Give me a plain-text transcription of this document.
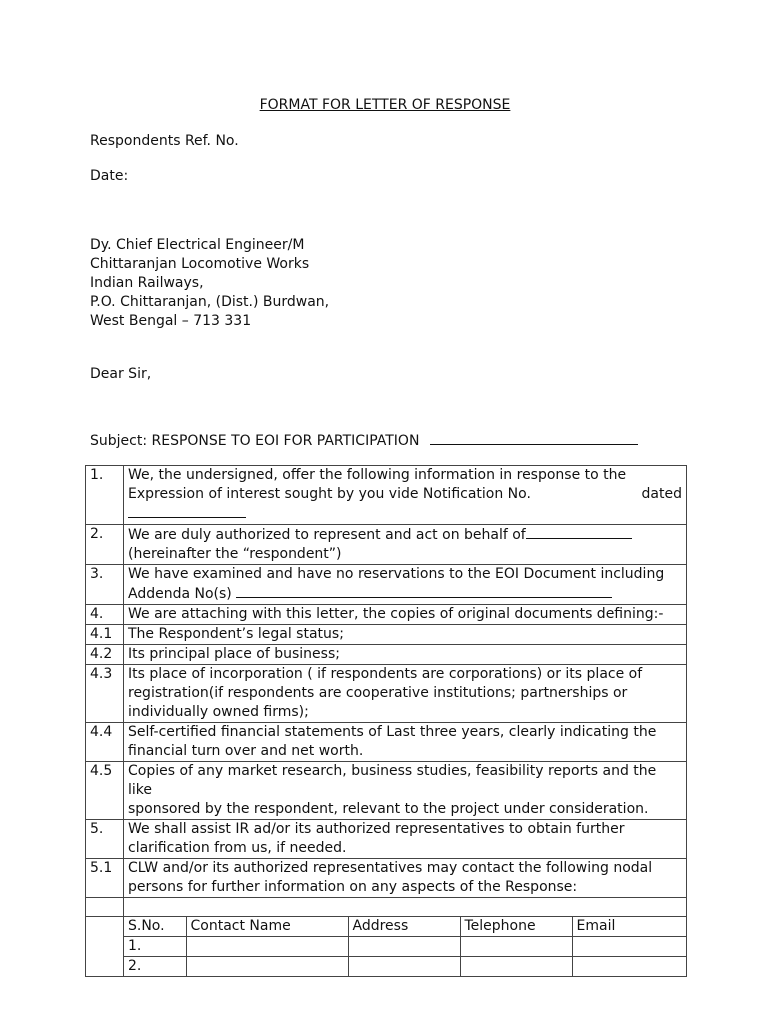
FORMAT FOR LETTER OF RESPONSE
Respondents Ref. No.
Date:
Dy. Chief Electrical Engineer/M
Chittaranjan Locomotive Works
Indian Railways,
P.O. Chittaranjan, (Dist.) Burdwan,
West Bengal – 713 331
Dear Sir,
Subject: RESPONSE TO EOI FOR PARTICIPATION
1.	We, the undersigned, offer the following information in response to the
Expression of interest sought by you vide Notification No.	dated

2.	We are duly authorized to represent and act on behalf of
(hereinafter the “respondent”)

3.	We have examined and have no reservations to the EOI Document including
Addenda No(s)

4.	We are attaching with this letter, the copies of original documents defining:-
4.1	The Respondent’s legal status;
4.2	Its principal place of business;
4.3	Its place of incorporation ( if respondents are corporations) or its place of
registration(if respondents are cooperative institutions; partnerships or
individually owned firms);

4.4	Self-certified financial statements of Last three years, clearly indicating the
financial turn over and net worth.

4.5	Copies of any market research, business studies, feasibility reports and the like
sponsored by the respondent, relevant to the project under consideration.

5.	We shall assist IR ad/or its authorized representatives to obtain further
clarification from us, if needed.

5.1	CLW and/or its authorized representatives may contact the following nodal
persons for further information on any aspects of the Response:

S.No.	Contact Name	Address	Telephone	Email
1.				
2.				
